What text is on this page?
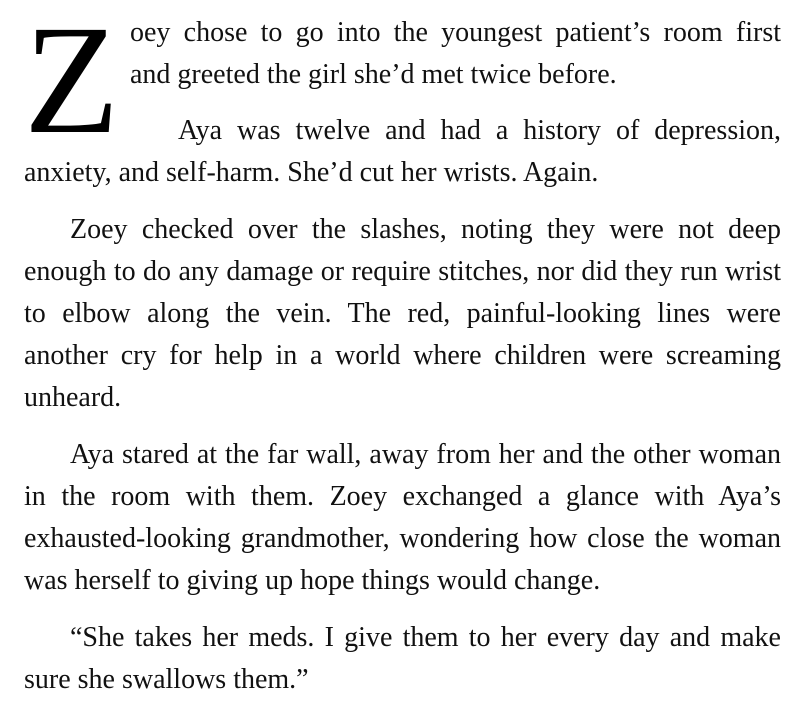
Z oey chose to go into the youngest patient’s room first
and greeted the girl she’d met twice before.

Aya was twelve and had a history of depression, anxiety, and self-harm. She’d cut her wrists. Again.

Zoey checked over the slashes, noting they were not deep enough to do any damage or require stitches, nor did they run wrist to elbow along the vein. The red, painful-looking lines were another cry for help in a world where children were screaming unheard.

Aya stared at the far wall, away from her and the other woman in the room with them. Zoey exchanged a glance with Aya’s exhausted-looking grandmother, wondering how close the woman was herself to giving up hope things would change.

“She takes her meds. I give them to her every day and make sure she swallows them.”
